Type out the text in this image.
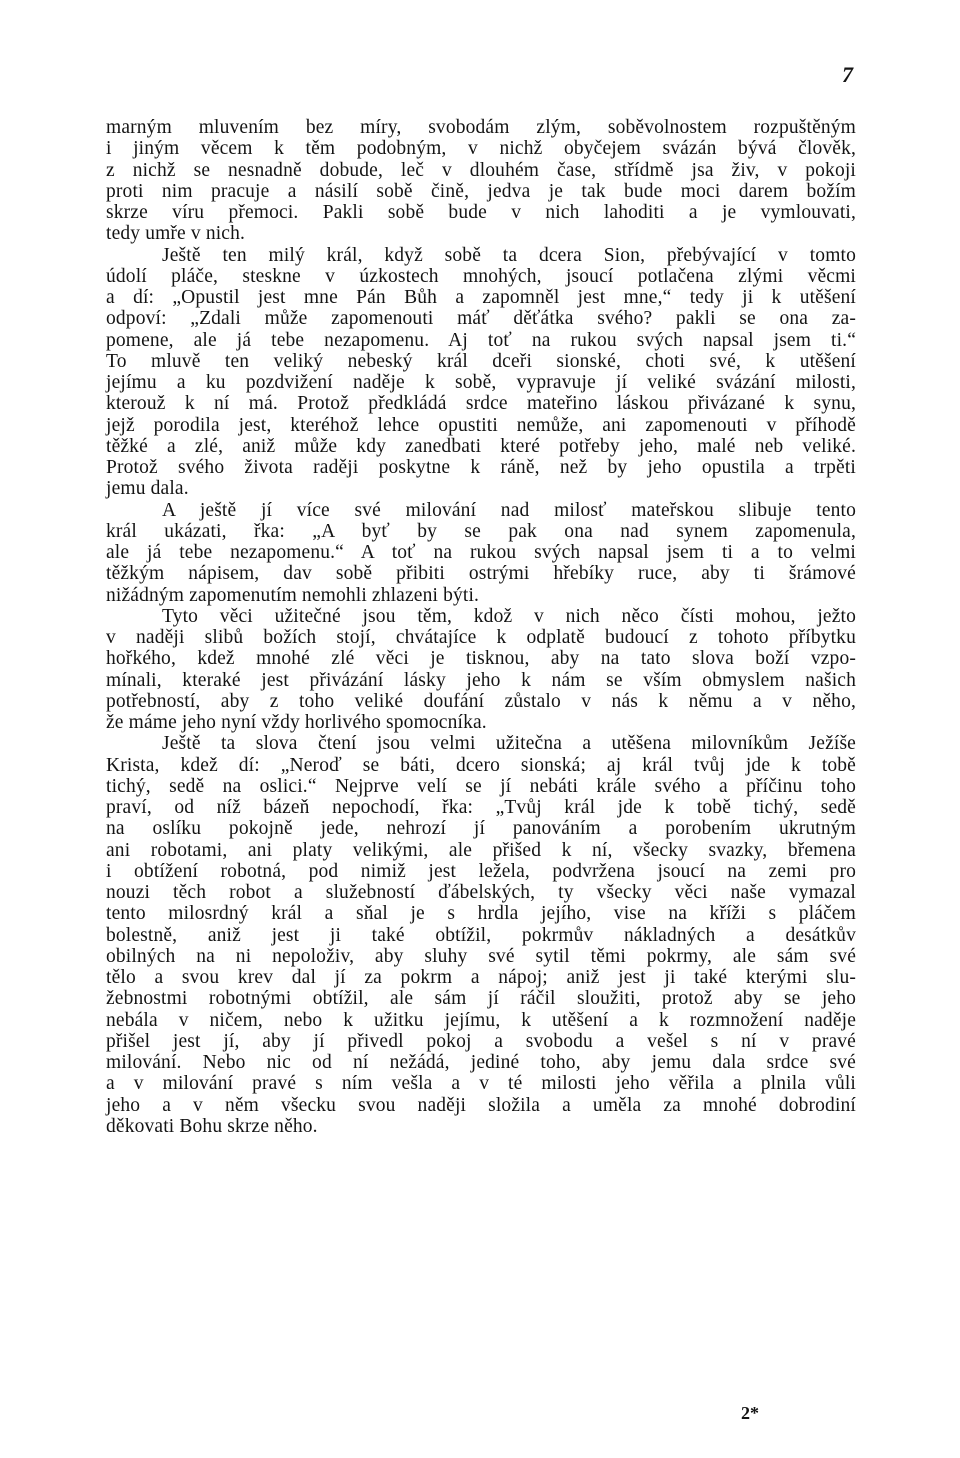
7
marným mluvením bez míry, svobodám zlým, soběvolnostem rozpuštěným
i jiným věcem k těm podobným, v nichž obyčejem svázán bývá člověk,
z nichž se nesnadně dobude, leč v dlouhém čase, střídmě jsa živ, v pokoji
proti nim pracuje a násilí sobě čině, jedva je tak bude moci darem božím
skrze víru přemoci. Pakli sobě bude v nich lahoditi a je vymlouvati,
tedy umře v nich.
Ještě ten milý král, když sobě ta dcera Sion, přebývající v tomto
údolí pláče, steskne v úzkostech mnohých, jsoucí potlačena zlými věcmi
a dí: „Opustil jest mne Pán Bůh a zapomněl jest mne,“ tedy ji k utěšení
odpoví: „Zdali může zapomenouti máť děťátka svého? pakli se ona za-
pomene, ale já tebe nezapomenu. Aj toť na rukou svých napsal jsem ti.“
To mluvě ten veliký nebeský král dceři sionské, choti své, k utěšení
jejímu a ku pozdvižení naděje k sobě, vypravuje jí veliké svázání milosti,
kterouž k ní má. Protož předkládá srdce mateřino láskou přivázané k synu,
jejž porodila jest, kteréhož lehce opustiti nemůže, ani zapomenouti v příhodě
těžké a zlé, aniž může kdy zanedbati které potřeby jeho, malé neb veliké.
Protož svého života raději poskytne k ráně, než by jeho opustila a trpěti
jemu dala.
A ještě jí více své milování nad milosť mateřskou slibuje tento
král ukázati, řka: „A byť by se pak ona nad synem zapomenula,
ale já tebe nezapomenu.“ A toť na rukou svých napsal jsem ti a to velmi
těžkým nápisem, dav sobě přibiti ostrými hřebíky ruce, aby ti šrámové
nižádným zapomenutím nemohli zhlazeni býti.
Tyto věci užitečné jsou těm, kdož v nich něco čísti mohou, ježto
v naději slibů božích stojí, chvátajíce k odplatě budoucí z tohoto příbytku
hořkého, kdež mnohé zlé věci je tisknou, aby na tato slova boží vzpo-
mínali, kteraké jest přivázání lásky jeho k nám se vším obmyslem našich
potřebností, aby z toho veliké doufání zůstalo v nás k němu a v něho,
že máme jeho nyní vždy horlivého spomocníka.
Ještě ta slova čtení jsou velmi užitečna a utěšena milovníkům Ježíše
Krista, kdež dí: „Neroď se báti, dcero sionská; aj král tvůj jde k tobě
tichý, sedě na oslici.“ Nejprve velí se jí nebáti krále svého a příčinu toho
praví, od níž bázeň nepochodí, řka: „Tvůj král jde k tobě tichý, sedě
na oslíku pokojně jede, nehrozí jí panováním a porobením ukrutným
ani robotami, ani platy velikými, ale přišed k ní, všecky svazky, břemena
i obtížení robotná, pod nimiž jest ležela, podvržena jsoucí na zemi pro
nouzi těch robot a služebností ďábelských, ty všecky věci naše vymazal
tento milosrdný král a sňal je s hrdla jejího, vise na kříži s pláčem
bolestně, aniž jest ji také obtížil, pokrmův nákladných a desátkův
obilných na ni nepoloživ, aby sluhy své sytil těmi pokrmy, ale sám své
tělo a svou krev dal jí za pokrm a nápoj; aniž jest ji také kterými slu-
žebnostmi robotnými obtížil, ale sám jí ráčil sloužiti, protož aby se jeho
nebála v ničem, nebo k užitku jejímu, k utěšení a k rozmnožení naděje
přišel jest jí, aby jí přivedl pokoj a svobodu a vešel s ní v pravé
milování. Nebo nic od ní nežádá, jediné toho, aby jemu dala srdce své
a v milování pravé s ním vešla a v té milosti jeho věřila a plnila vůli
jeho a v něm všecku svou naději složila a uměla za mnohé dobrodiní
děkovati Bohu skrze něho.
2*
